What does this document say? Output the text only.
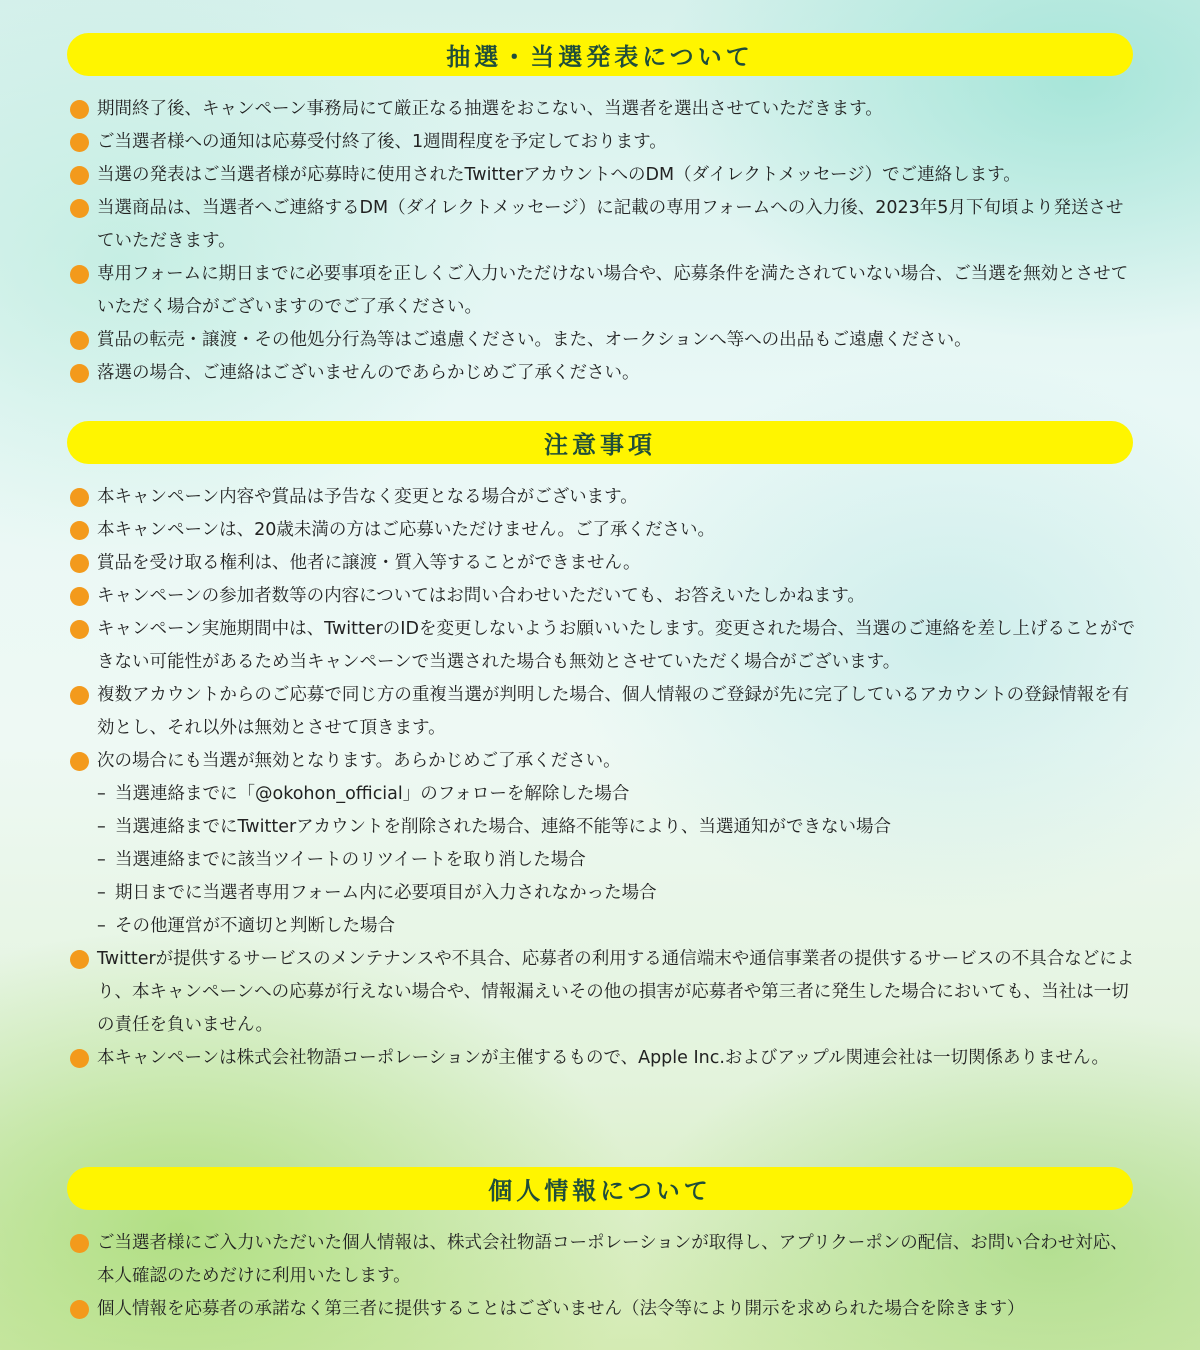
抽選・当選発表について
期間終了後、キャンペーン事務局にて厳正なる抽選をおこない、当選者を選出させていただきます。
ご当選者様への通知は応募受付終了後、1週間程度を予定しております。
当選の発表はご当選者様が応募時に使用されたTwitterアカウントへのDM（ダイレクトメッセージ）でご連絡します。
当選商品は、当選者へご連絡するDM（ダイレクトメッセージ）に記載の専用フォームへの入力後、2023年5月下旬頃より発送させていただきます。
専用フォームに期日までに必要事項を正しくご入力いただけない場合や、応募条件を満たされていない場合、ご当選を無効とさせていただく場合がございますのでご了承ください。
賞品の転売・譲渡・その他処分行為等はご遠慮ください。また、オークションへ等への出品もご遠慮ください。
落選の場合、ご連絡はございませんのであらかじめご了承ください。
注意事項
本キャンペーン内容や賞品は予告なく変更となる場合がございます。
本キャンペーンは、20歳未満の方はご応募いただけません。ご了承ください。
賞品を受け取る権利は、他者に譲渡・質入等することができません。
キャンペーンの参加者数等の内容についてはお問い合わせいただいても、お答えいたしかねます。
キャンペーン実施期間中は、TwitterのIDを変更しないようお願いいたします。変更された場合、当選のご連絡を差し上げることができない可能性があるため当キャンペーンで当選された場合も無効とさせていただく場合がございます。
複数アカウントからのご応募で同じ方の重複当選が判明した場合、個人情報のご登録が先に完了しているアカウントの登録情報を有効とし、それ以外は無効とさせて頂きます。
次の場合にも当選が無効となります。あらかじめご了承ください。
– 当選連絡までに「@okohon_official」のフォローを解除した場合
– 当選連絡までにTwitterアカウントを削除された場合、連絡不能等により、当選通知ができない場合
– 当選連絡までに該当ツイートのリツイートを取り消した場合
– 期日までに当選者専用フォーム内に必要項目が入力されなかった場合
– その他運営が不適切と判断した場合
Twitterが提供するサービスのメンテナンスや不具合、応募者の利用する通信端末や通信事業者の提供するサービスの不具合などにより、本キャンペーンへの応募が行えない場合や、情報漏えいその他の損害が応募者や第三者に発生した場合においても、当社は一切の責任を負いません。
本キャンペーンは株式会社物語コーポレーションが主催するもので、Apple Inc.およびアップル関連会社は一切関係ありません。
個人情報について
ご当選者様にご入力いただいた個人情報は、株式会社物語コーポレーションが取得し、アプリクーポンの配信、お問い合わせ対応、本人確認のためだけに利用いたします。
個人情報を応募者の承諾なく第三者に提供することはございません（法令等により開示を求められた場合を除きます）
